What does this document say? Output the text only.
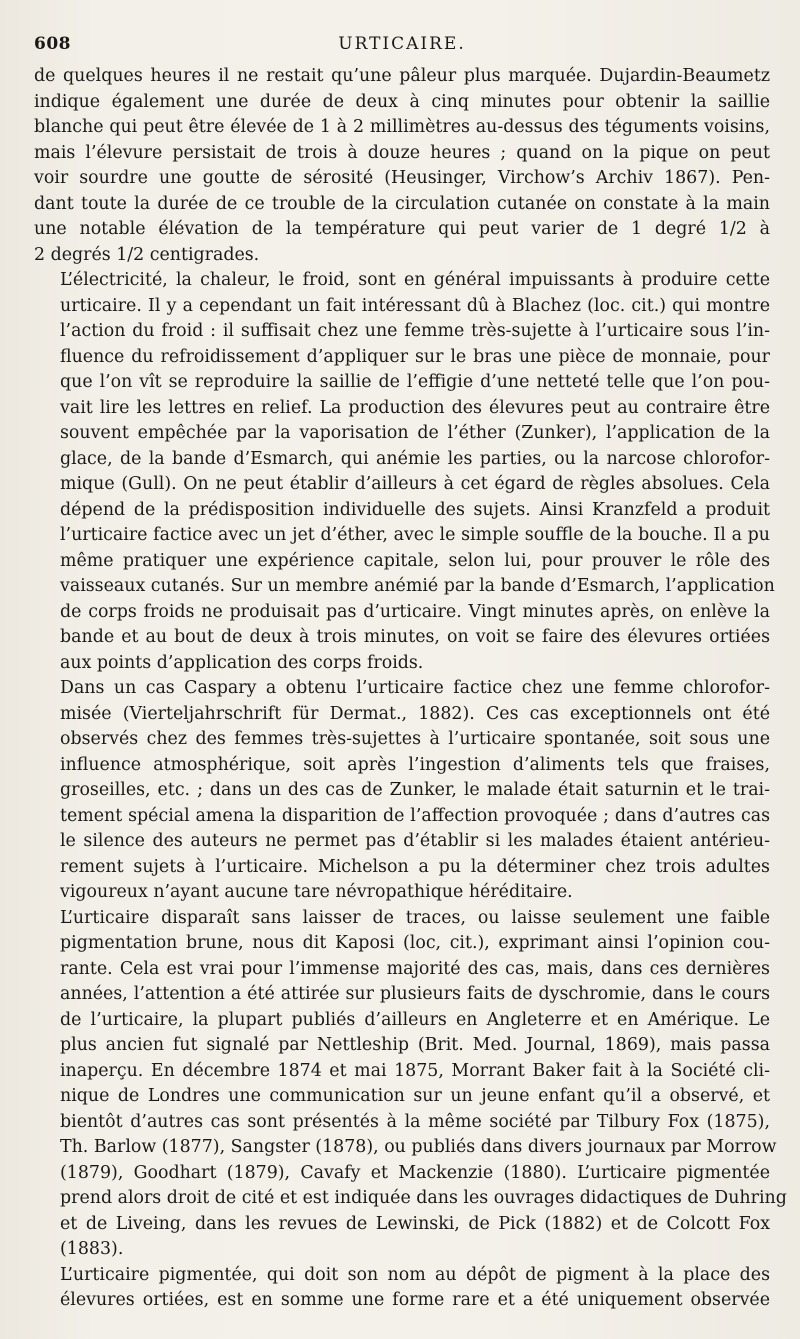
608	URTICAIRE.

de quelques heures il ne restait qu’une pâleur plus marquée. Dujardin-Beaumetz
indique également une durée de deux à cinq minutes pour obtenir la saillie
blanche qui peut être élevée de 1 à 2 millimètres au-dessus des téguments voisins,
mais l’élevure persistait de trois à douze heures ; quand on la pique on peut
voir sourdre une goutte de sérosité (Heusinger, Virchow’s Archiv 1867). Pen-
dant toute la durée de ce trouble de la circulation cutanée on constate à la main
une notable élévation de la température qui peut varier de 1 degré 1/2 à
2 degrés 1/2 centigrades.

L’électricité, la chaleur, le froid, sont en général impuissants à produire cette
urticaire. Il y a cependant un fait intéressant dû à Blachez (loc. cit.) qui montre
l’action du froid : il suffisait chez une femme très-sujette à l’urticaire sous l’in-
fluence du refroidissement d’appliquer sur le bras une pièce de monnaie, pour
que l’on vît se reproduire la saillie de l’effigie d’une netteté telle que l’on pou-
vait lire les lettres en relief. La production des élevures peut au contraire être
souvent empêchée par la vaporisation de l’éther (Zunker), l’application de la
glace, de la bande d’Esmarch, qui anémie les parties, ou la narcose chlorofor-
mique (Gull). On ne peut établir d’ailleurs à cet égard de règles absolues. Cela
dépend de la prédisposition individuelle des sujets. Ainsi Kranzfeld a produit
l’urticaire factice avec un jet d’éther, avec le simple souffle de la bouche. Il a pu
même pratiquer une expérience capitale, selon lui, pour prouver le rôle des
vaisseaux cutanés. Sur un membre anémié par la bande d’Esmarch, l’application
de corps froids ne produisait pas d’urticaire. Vingt minutes après, on enlève la
bande et au bout de deux à trois minutes, on voit se faire des élevures ortiées
aux points d’application des corps froids.

Dans un cas Caspary a obtenu l’urticaire factice chez une femme chlorofor-
misée (Vierteljahrschrift für Dermat., 1882). Ces cas exceptionnels ont été
observés chez des femmes très-sujettes à l’urticaire spontanée, soit sous une
influence atmosphérique, soit après l’ingestion d’aliments tels que fraises,
groseilles, etc. ; dans un des cas de Zunker, le malade était saturnin et le trai-
tement spécial amena la disparition de l’affection provoquée ; dans d’autres cas
le silence des auteurs ne permet pas d’établir si les malades étaient antérieu-
rement sujets à l’urticaire. Michelson a pu la déterminer chez trois adultes
vigoureux n’ayant aucune tare névropathique héréditaire.

L’urticaire disparaît sans laisser de traces, ou laisse seulement une faible
pigmentation brune, nous dit Kaposi (loc, cit.), exprimant ainsi l’opinion cou-
rante. Cela est vrai pour l’immense majorité des cas, mais, dans ces dernières
années, l’attention a été attirée sur plusieurs faits de dyschromie, dans le cours
de l’urticaire, la plupart publiés d’ailleurs en Angleterre et en Amérique. Le
plus ancien fut signalé par Nettleship (Brit. Med. Journal, 1869), mais passa
inaperçu. En décembre 1874 et mai 1875, Morrant Baker fait à la Société cli-
nique de Londres une communication sur un jeune enfant qu’il a observé, et
bientôt d’autres cas sont présentés à la même société par Tilbury Fox (1875),
Th. Barlow (1877), Sangster (1878), ou publiés dans divers journaux par Morrow
(1879), Goodhart (1879), Cavafy et Mackenzie (1880). L’urticaire pigmentée
prend alors droit de cité et est indiquée dans les ouvrages didactiques de Duhring
et de Liveing, dans les revues de Lewinski, de Pick (1882) et de Colcott Fox
(1883).

L’urticaire pigmentée, qui doit son nom au dépôt de pigment à la place des
élevures ortiées, est en somme une forme rare et a été uniquement observée
